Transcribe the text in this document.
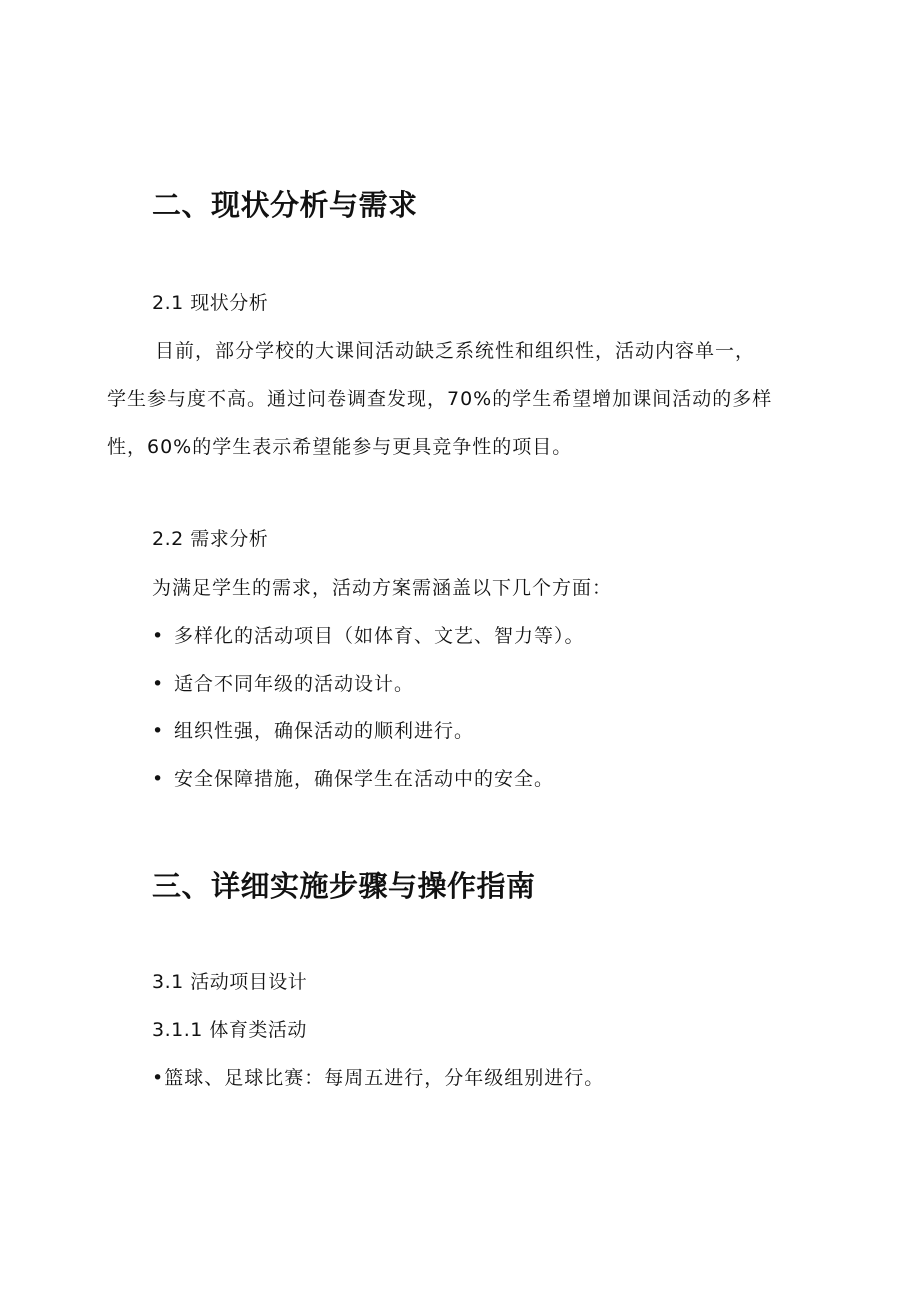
二、现状分析与需求
2.1 现状分析
目前，部分学校的大课间活动缺乏系统性和组织性，活动内容单一，
学生参与度不高。通过问卷调查发现，70%的学生希望增加课间活动的多样
性，60%的学生表示希望能参与更具竞争性的项目。
2.2 需求分析
为满足学生的需求，活动方案需涵盖以下几个方面：
• 多样化的活动项目（如体育、文艺、智力等）。
• 适合不同年级的活动设计。
• 组织性强，确保活动的顺利进行。
• 安全保障措施，确保学生在活动中的安全。
三、详细实施步骤与操作指南
3.1 活动项目设计
3.1.1 体育类活动
•篮球、足球比赛：每周五进行，分年级组别进行。
